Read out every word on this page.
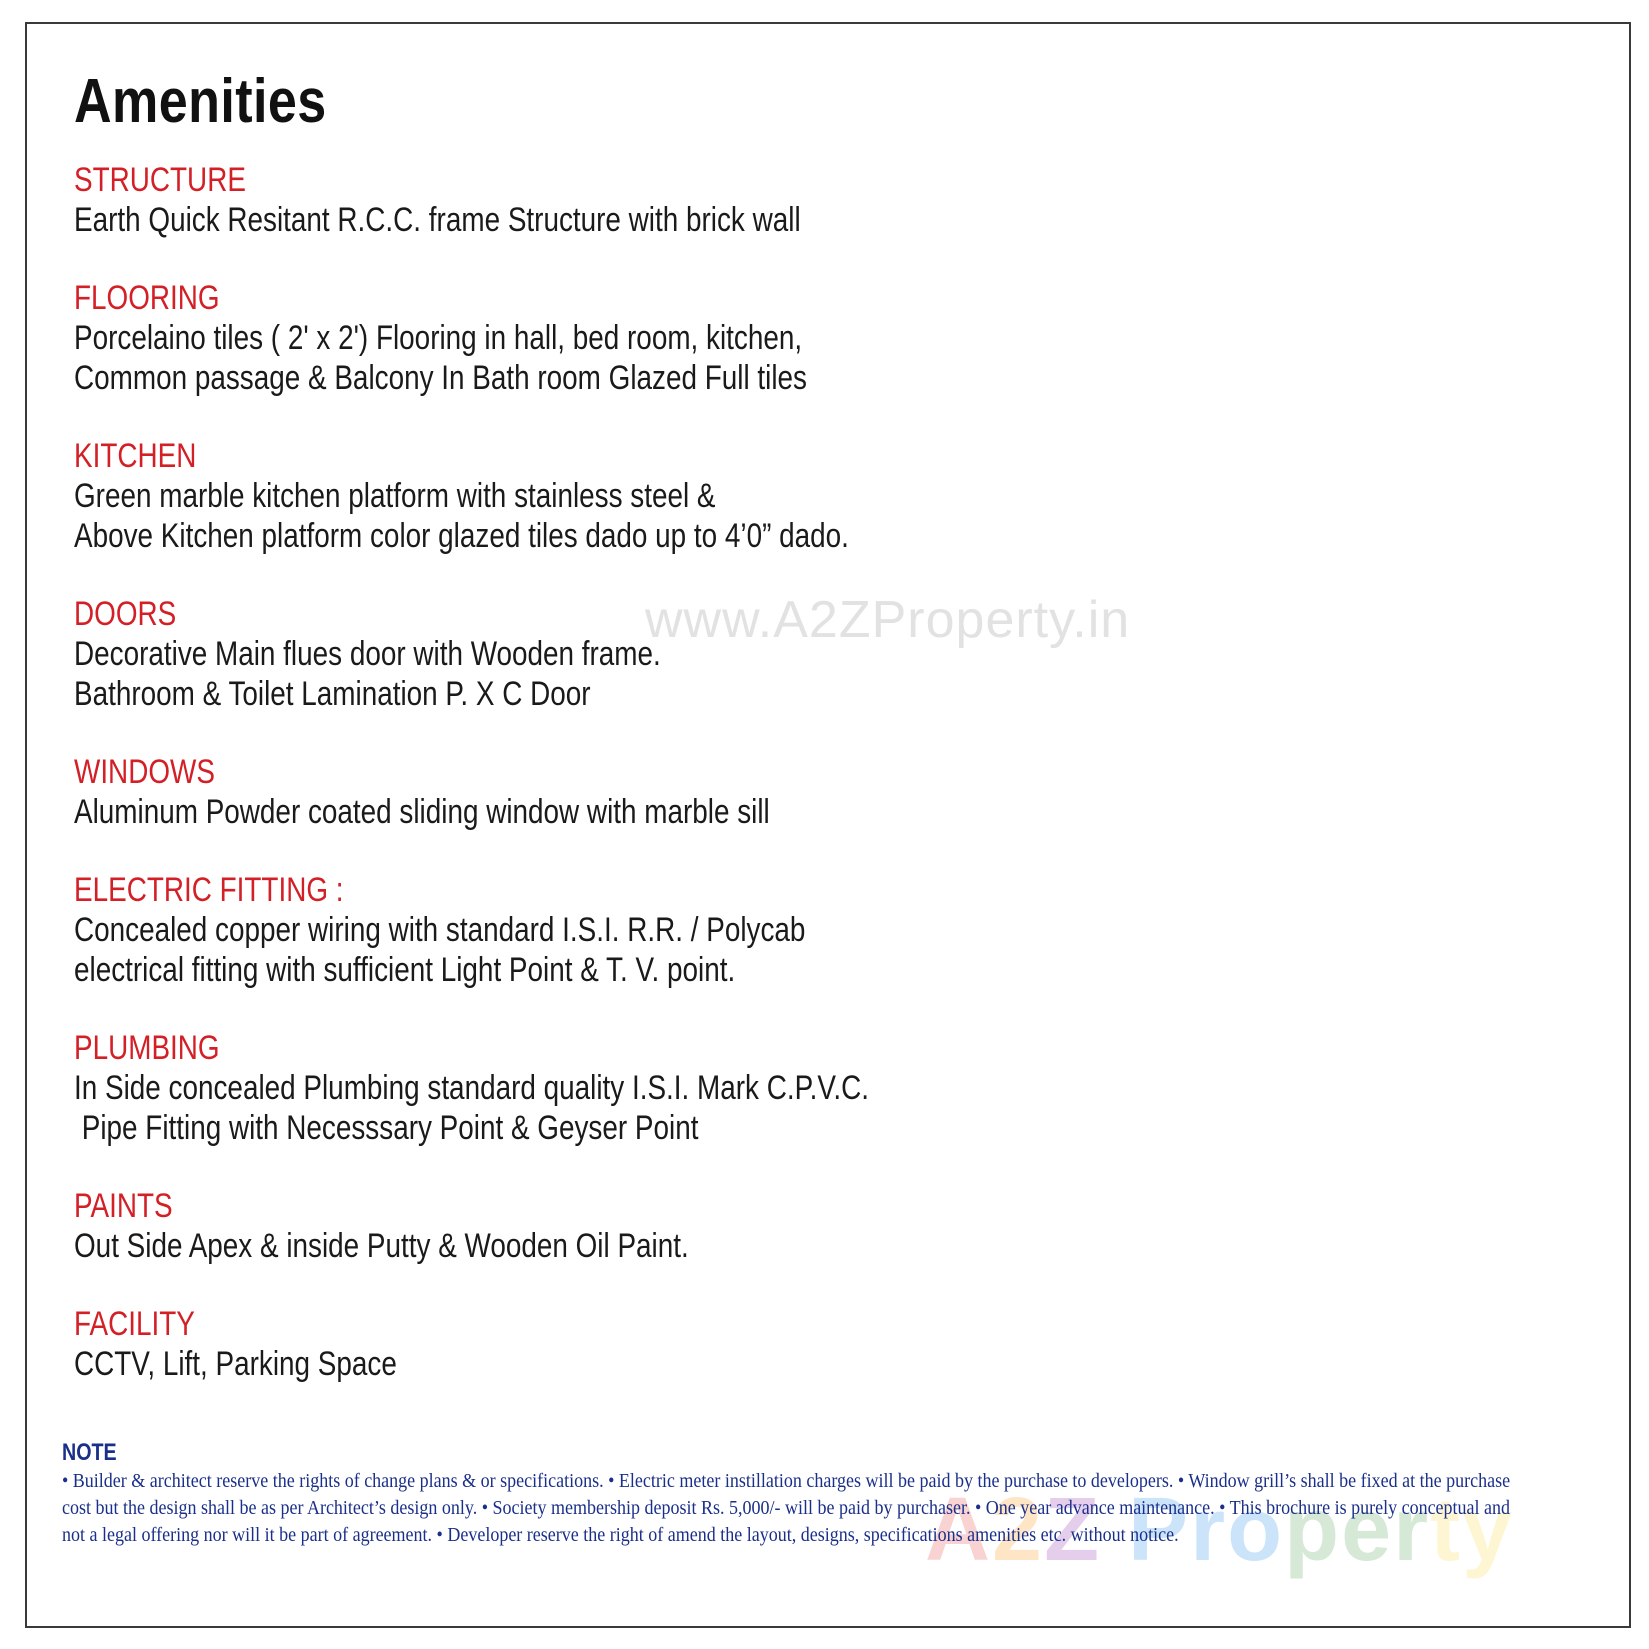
Amenities
www.A2ZProperty.in
STRUCTURE
Earth Quick Resitant R.C.C. frame Structure with brick wall
FLOORING
Porcelaino tiles ( 2' x 2') Flooring in hall, bed room, kitchen,
Common passage & Balcony In Bath room Glazed Full tiles
KITCHEN
Green marble kitchen platform with stainless steel &
Above Kitchen platform color glazed tiles dado up to 4’0” dado.
DOORS
Decorative Main flues door with Wooden frame.
Bathroom & Toilet Lamination P. X C Door
WINDOWS
Aluminum Powder coated sliding window with marble sill
ELECTRIC FITTING :
Concealed copper wiring with standard I.S.I. R.R. / Polycab
electrical fitting with sufficient Light Point & T. V. point.
PLUMBING
In Side concealed Plumbing standard quality I.S.I. Mark C.P.V.C.
Pipe Fitting with Necesssary Point & Geyser Point
PAINTS
Out Side Apex & inside Putty & Wooden Oil Paint.
FACILITY
CCTV, Lift, Parking Space
A2Z Property
NOTE
• Builder & architect reserve the rights of change plans & or specifications. • Electric meter instillation charges will be paid by the purchase to developers. • Window grill’s shall be fixed at the purchase
cost but the design shall be as per Architect’s design only. • Society membership deposit Rs. 5,000/- will be paid by purchaser. • One year advance maintenance. • This brochure is purely conceptual and
not a legal offering nor will it be part of agreement. • Developer reserve the right of amend the layout, designs, specifications amenities etc. without notice.
